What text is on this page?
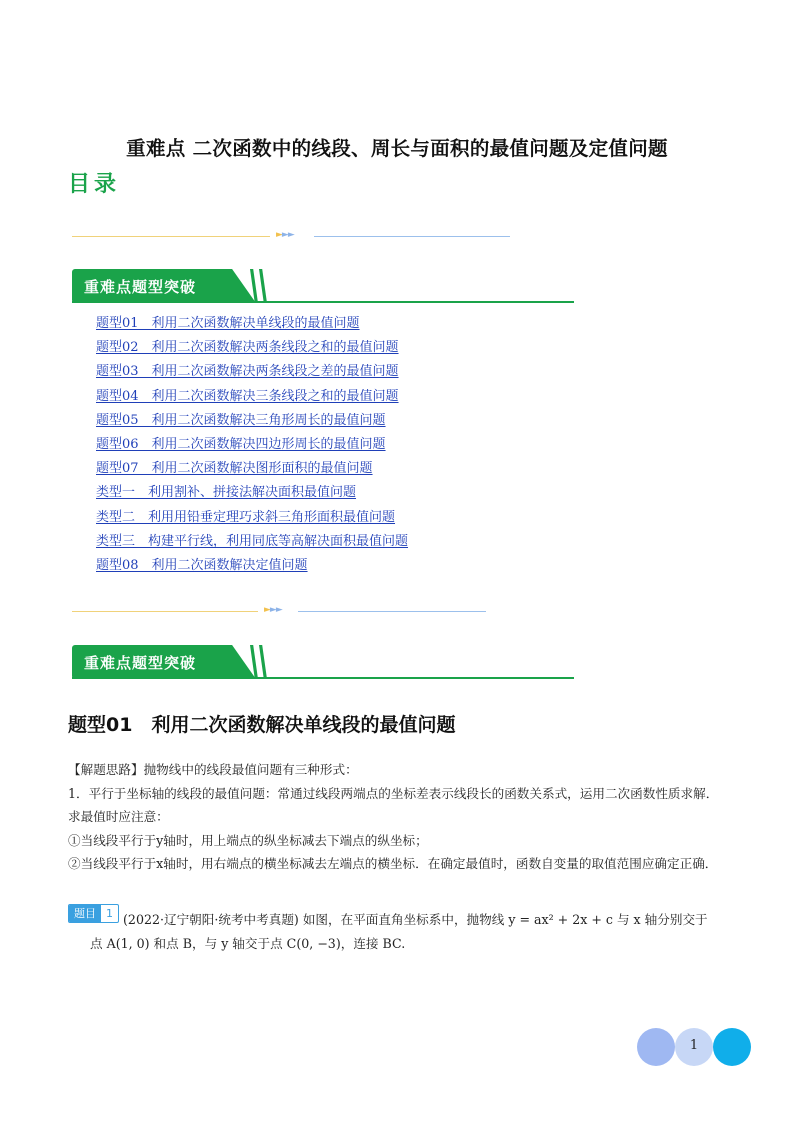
重难点 二次函数中的线段、周长与面积的最值问题及定值问题
目录
►►►
重难点题型突破
题型01　利用二次函数解决单线段的最值问题
题型02　利用二次函数解决两条线段之和的最值问题
题型03　利用二次函数解决两条线段之差的最值问题
题型04　利用二次函数解决三条线段之和的最值问题
题型05　利用二次函数解决三角形周长的最值问题
题型06　利用二次函数解决四边形周长的最值问题
题型07　利用二次函数解决图形面积的最值问题
类型一　利用割补、拼接法解决面积最值问题
类型二　利用用铅垂定理巧求斜三角形面积最值问题
类型三　构建平行线，利用同底等高解决面积最值问题
题型08　利用二次函数解决定值问题
►►►
重难点题型突破
题型01　利用二次函数解决单线段的最值问题

【解题思路】抛物线中的线段最值问题有三种形式：

1．平行于坐标轴的线段的最值问题：常通过线段两端点的坐标差表示线段长的函数关系式，运用二次函数性质求解．求最值时应注意：

①当线段平行于y轴时，用上端点的纵坐标减去下端点的纵坐标；

②当线段平行于x轴时，用右端点的横坐标减去左端点的横坐标．在确定最值时，函数自变量的取值范围应确定正确．

题目 1 (2022·辽宁朝阳·统考中考真题) 如图，在平面直角坐标系中，抛物线 y = ax² + 2x + c 与 x 轴分别交于
点 A(1, 0) 和点 B，与 y 轴交于点 C(0, −3)，连接 BC.
1
